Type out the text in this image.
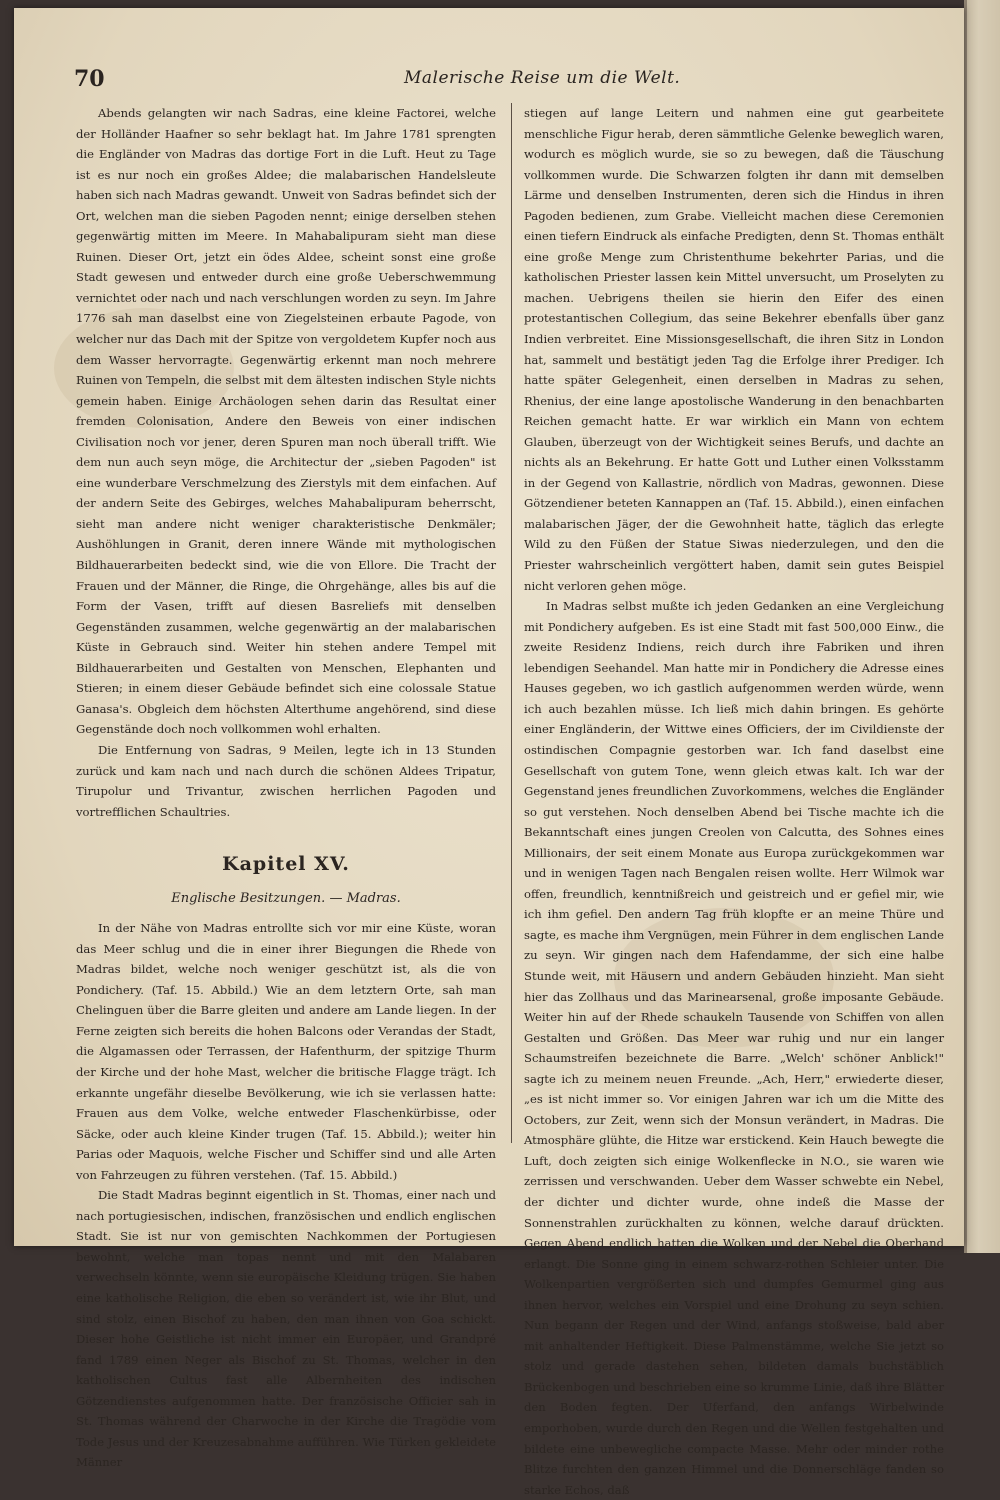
70	Malerische Reise um die Welt.

Abends gelangten wir nach Sadras, eine kleine Factorei, welche der Holländer Haafner so sehr beklagt hat. Im Jahre 1781 sprengten die Engländer von Madras das dortige Fort in die Luft. Heut zu Tage ist es nur noch ein großes Aldee; die malabarischen Handelsleute haben sich nach Madras gewandt. Unweit von Sadras befindet sich der Ort, welchen man die sieben Pagoden nennt; einige derselben stehen gegenwärtig mitten im Meere. In Mahabalipuram sieht man diese Ruinen. Dieser Ort, jetzt ein ödes Aldee, scheint sonst eine große Stadt gewesen und entweder durch eine große Ueberschwemmung vernichtet oder nach und nach verschlungen worden zu seyn. Im Jahre 1776 sah man daselbst eine von Ziegelsteinen erbaute Pagode, von welcher nur das Dach mit der Spitze von vergoldetem Kupfer noch aus dem Wasser hervorragte. Gegenwärtig erkennt man noch mehrere Ruinen von Tempeln, die selbst mit dem ältesten indischen Style nichts gemein haben. Einige Archäologen sehen darin das Resultat einer fremden Colonisation, Andere den Beweis von einer indischen Civilisation noch vor jener, deren Spuren man noch überall trifft. Wie dem nun auch seyn möge, die Architectur der „sieben Pagoden" ist eine wunderbare Verschmelzung des Zierstyls mit dem einfachen. Auf der andern Seite des Gebirges, welches Mahabalipuram beherrscht, sieht man andere nicht weniger charakteristische Denkmäler; Aushöhlungen in Granit, deren innere Wände mit mythologischen Bildhauerarbeiten bedeckt sind, wie die von Ellore. Die Tracht der Frauen und der Männer, die Ringe, die Ohrgehänge, alles bis auf die Form der Vasen, trifft auf diesen Basreliefs mit denselben Gegenständen zusammen, welche gegenwärtig an der malabarischen Küste in Gebrauch sind. Weiter hin stehen andere Tempel mit Bildhauerarbeiten und Gestalten von Menschen, Elephanten und Stieren; in einem dieser Gebäude befindet sich eine colossale Statue Ganasa's. Obgleich dem höchsten Alterthume angehörend, sind diese Gegenstände doch noch vollkommen wohl erhalten.

Die Entfernung von Sadras, 9 Meilen, legte ich in 13 Stunden zurück und kam nach und nach durch die schönen Aldees Tripatur, Tirupolur und Trivantur, zwischen herrlichen Pagoden und vortrefflichen Schaultries.

Kapitel XV.
Englische Besitzungen. — Madras.

In der Nähe von Madras entrollte sich vor mir eine Küste, woran das Meer schlug und die in einer ihrer Biegungen die Rhede von Madras bildet, welche noch weniger geschützt ist, als die von Pondichery. (Taf. 15. Abbild.) Wie an dem letztern Orte, sah man Chelinguen über die Barre gleiten und andere am Lande liegen. In der Ferne zeigten sich bereits die hohen Balcons oder Verandas der Stadt, die Algamassen oder Terrassen, der Hafenthurm, der spitzige Thurm der Kirche und der hohe Mast, welcher die britische Flagge trägt. Ich erkannte ungefähr dieselbe Bevölkerung, wie ich sie verlassen hatte: Frauen aus dem Volke, welche entweder Flaschenkürbisse, oder Säcke, oder auch kleine Kinder trugen (Taf. 15. Abbild.); weiter hin Parias oder Maquois, welche Fischer und Schiffer sind und alle Arten von Fahrzeugen zu führen verstehen. (Taf. 15. Abbild.)

Die Stadt Madras beginnt eigentlich in St. Thomas, einer nach und nach portugiesischen, indischen, französischen und endlich englischen Stadt. Sie ist nur von gemischten Nachkommen der Portugiesen bewohnt, welche man topas nennt und mit den Malabaren verwechseln könnte, wenn sie europäische Kleidung trügen. Sie haben eine katholische Religion, die eben so verändert ist, wie ihr Blut, und sind stolz, einen Bischof zu haben, den man ihnen von Goa schickt. Dieser hohe Geistliche ist nicht immer ein Europäer, und Grandpré fand 1789 einen Neger als Bischof zu St. Thomas, welcher in den katholischen Cultus fast alle Albernheiten des indischen Götzendienstes aufgenommen hatte. Der französische Officier sah in St. Thomas während der Charwoche in der Kirche die Tragödie vom Tode Jesus und der Kreuzesabnahme aufführen. Wie Türken gekleidete Männer

stiegen auf lange Leitern und nahmen eine gut gearbeitete menschliche Figur herab, deren sämmtliche Gelenke beweglich waren, wodurch es möglich wurde, sie so zu bewegen, daß die Täuschung vollkommen wurde. Die Schwarzen folgten ihr dann mit demselben Lärme und denselben Instrumenten, deren sich die Hindus in ihren Pagoden bedienen, zum Grabe. Vielleicht machen diese Ceremonien einen tiefern Eindruck als einfache Predigten, denn St. Thomas enthält eine große Menge zum Christenthume bekehrter Parias, und die katholischen Priester lassen kein Mittel unversucht, um Proselyten zu machen. Uebrigens theilen sie hierin den Eifer des einen protestantischen Collegium, das seine Bekehrer ebenfalls über ganz Indien verbreitet. Eine Missionsgesellschaft, die ihren Sitz in London hat, sammelt und bestätigt jeden Tag die Erfolge ihrer Prediger. Ich hatte später Gelegenheit, einen derselben in Madras zu sehen, Rhenius, der eine lange apostolische Wanderung in den benachbarten Reichen gemacht hatte. Er war wirklich ein Mann von echtem Glauben, überzeugt von der Wichtigkeit seines Berufs, und dachte an nichts als an Bekehrung. Er hatte Gott und Luther einen Volksstamm in der Gegend von Kallastrie, nördlich von Madras, gewonnen. Diese Götzendiener beteten Kannappen an (Taf. 15. Abbild.), einen einfachen malabarischen Jäger, der die Gewohnheit hatte, täglich das erlegte Wild zu den Füßen der Statue Siwas niederzulegen, und den die Priester wahrscheinlich vergöttert haben, damit sein gutes Beispiel nicht verloren gehen möge.

In Madras selbst mußte ich jeden Gedanken an eine Vergleichung mit Pondichery aufgeben. Es ist eine Stadt mit fast 500,000 Einw., die zweite Residenz Indiens, reich durch ihre Fabriken und ihren lebendigen Seehandel. Man hatte mir in Pondichery die Adresse eines Hauses gegeben, wo ich gastlich aufgenommen werden würde, wenn ich auch bezahlen müsse. Ich ließ mich dahin bringen. Es gehörte einer Engländerin, der Wittwe eines Officiers, der im Civildienste der ostindischen Compagnie gestorben war. Ich fand daselbst eine Gesellschaft von gutem Tone, wenn gleich etwas kalt. Ich war der Gegenstand jenes freundlichen Zuvorkommens, welches die Engländer so gut verstehen. Noch denselben Abend bei Tische machte ich die Bekanntschaft eines jungen Creolen von Calcutta, des Sohnes eines Millionairs, der seit einem Monate aus Europa zurückgekommen war und in wenigen Tagen nach Bengalen reisen wollte. Herr Wilmok war offen, freundlich, kenntnißreich und geistreich und er gefiel mir, wie ich ihm gefiel. Den andern Tag früh klopfte er an meine Thüre und sagte, es mache ihm Vergnügen, mein Führer in dem englischen Lande zu seyn. Wir gingen nach dem Hafendamme, der sich eine halbe Stunde weit, mit Häusern und andern Gebäuden hinzieht. Man sieht hier das Zollhaus und das Marinearsenal, große imposante Gebäude. Weiter hin auf der Rhede schaukeln Tausende von Schiffen von allen Gestalten und Größen. Das Meer war ruhig und nur ein langer Schaumstreifen bezeichnete die Barre. „Welch' schöner Anblick!" sagte ich zu meinem neuen Freunde. „Ach, Herr," erwiederte dieser, „es ist nicht immer so. Vor einigen Jahren war ich um die Mitte des Octobers, zur Zeit, wenn sich der Monsun verändert, in Madras. Die Atmosphäre glühte, die Hitze war erstickend. Kein Hauch bewegte die Luft, doch zeigten sich einige Wolkenflecke in N.O., sie waren wie zerrissen und verschwanden. Ueber dem Wasser schwebte ein Nebel, der dichter und dichter wurde, ohne indeß die Masse der Sonnenstrahlen zurückhalten zu können, welche darauf drückten. Gegen Abend endlich hatten die Wolken und der Nebel die Oberhand erlangt. Die Sonne ging in einem schwarz-rothen Schleier unter. Die Wolkenpartien vergrößerten sich und dumpfes Gemurmel ging aus ihnen hervor, welches ein Vorspiel und eine Drohung zu seyn schien. Nun begann der Regen und der Wind, anfangs stoßweise, bald aber mit anhaltender Heftigkeit. Diese Palmenstämme, welche Sie jetzt so stolz und gerade dastehen sehen, bildeten damals buchstäblich Brückenbogen und beschrieben eine so krumme Linie, daß ihre Blätter den Boden fegten. Der Uferfand, den anfangs Wirbelwinde emporhoben, wurde durch den Regen und die Wellen festgehalten und bildete eine unbewegliche compacte Masse. Mehr oder minder rothe Blitze furchten den ganzen Himmel und die Donnerschläge fanden so starke Echos, daß
